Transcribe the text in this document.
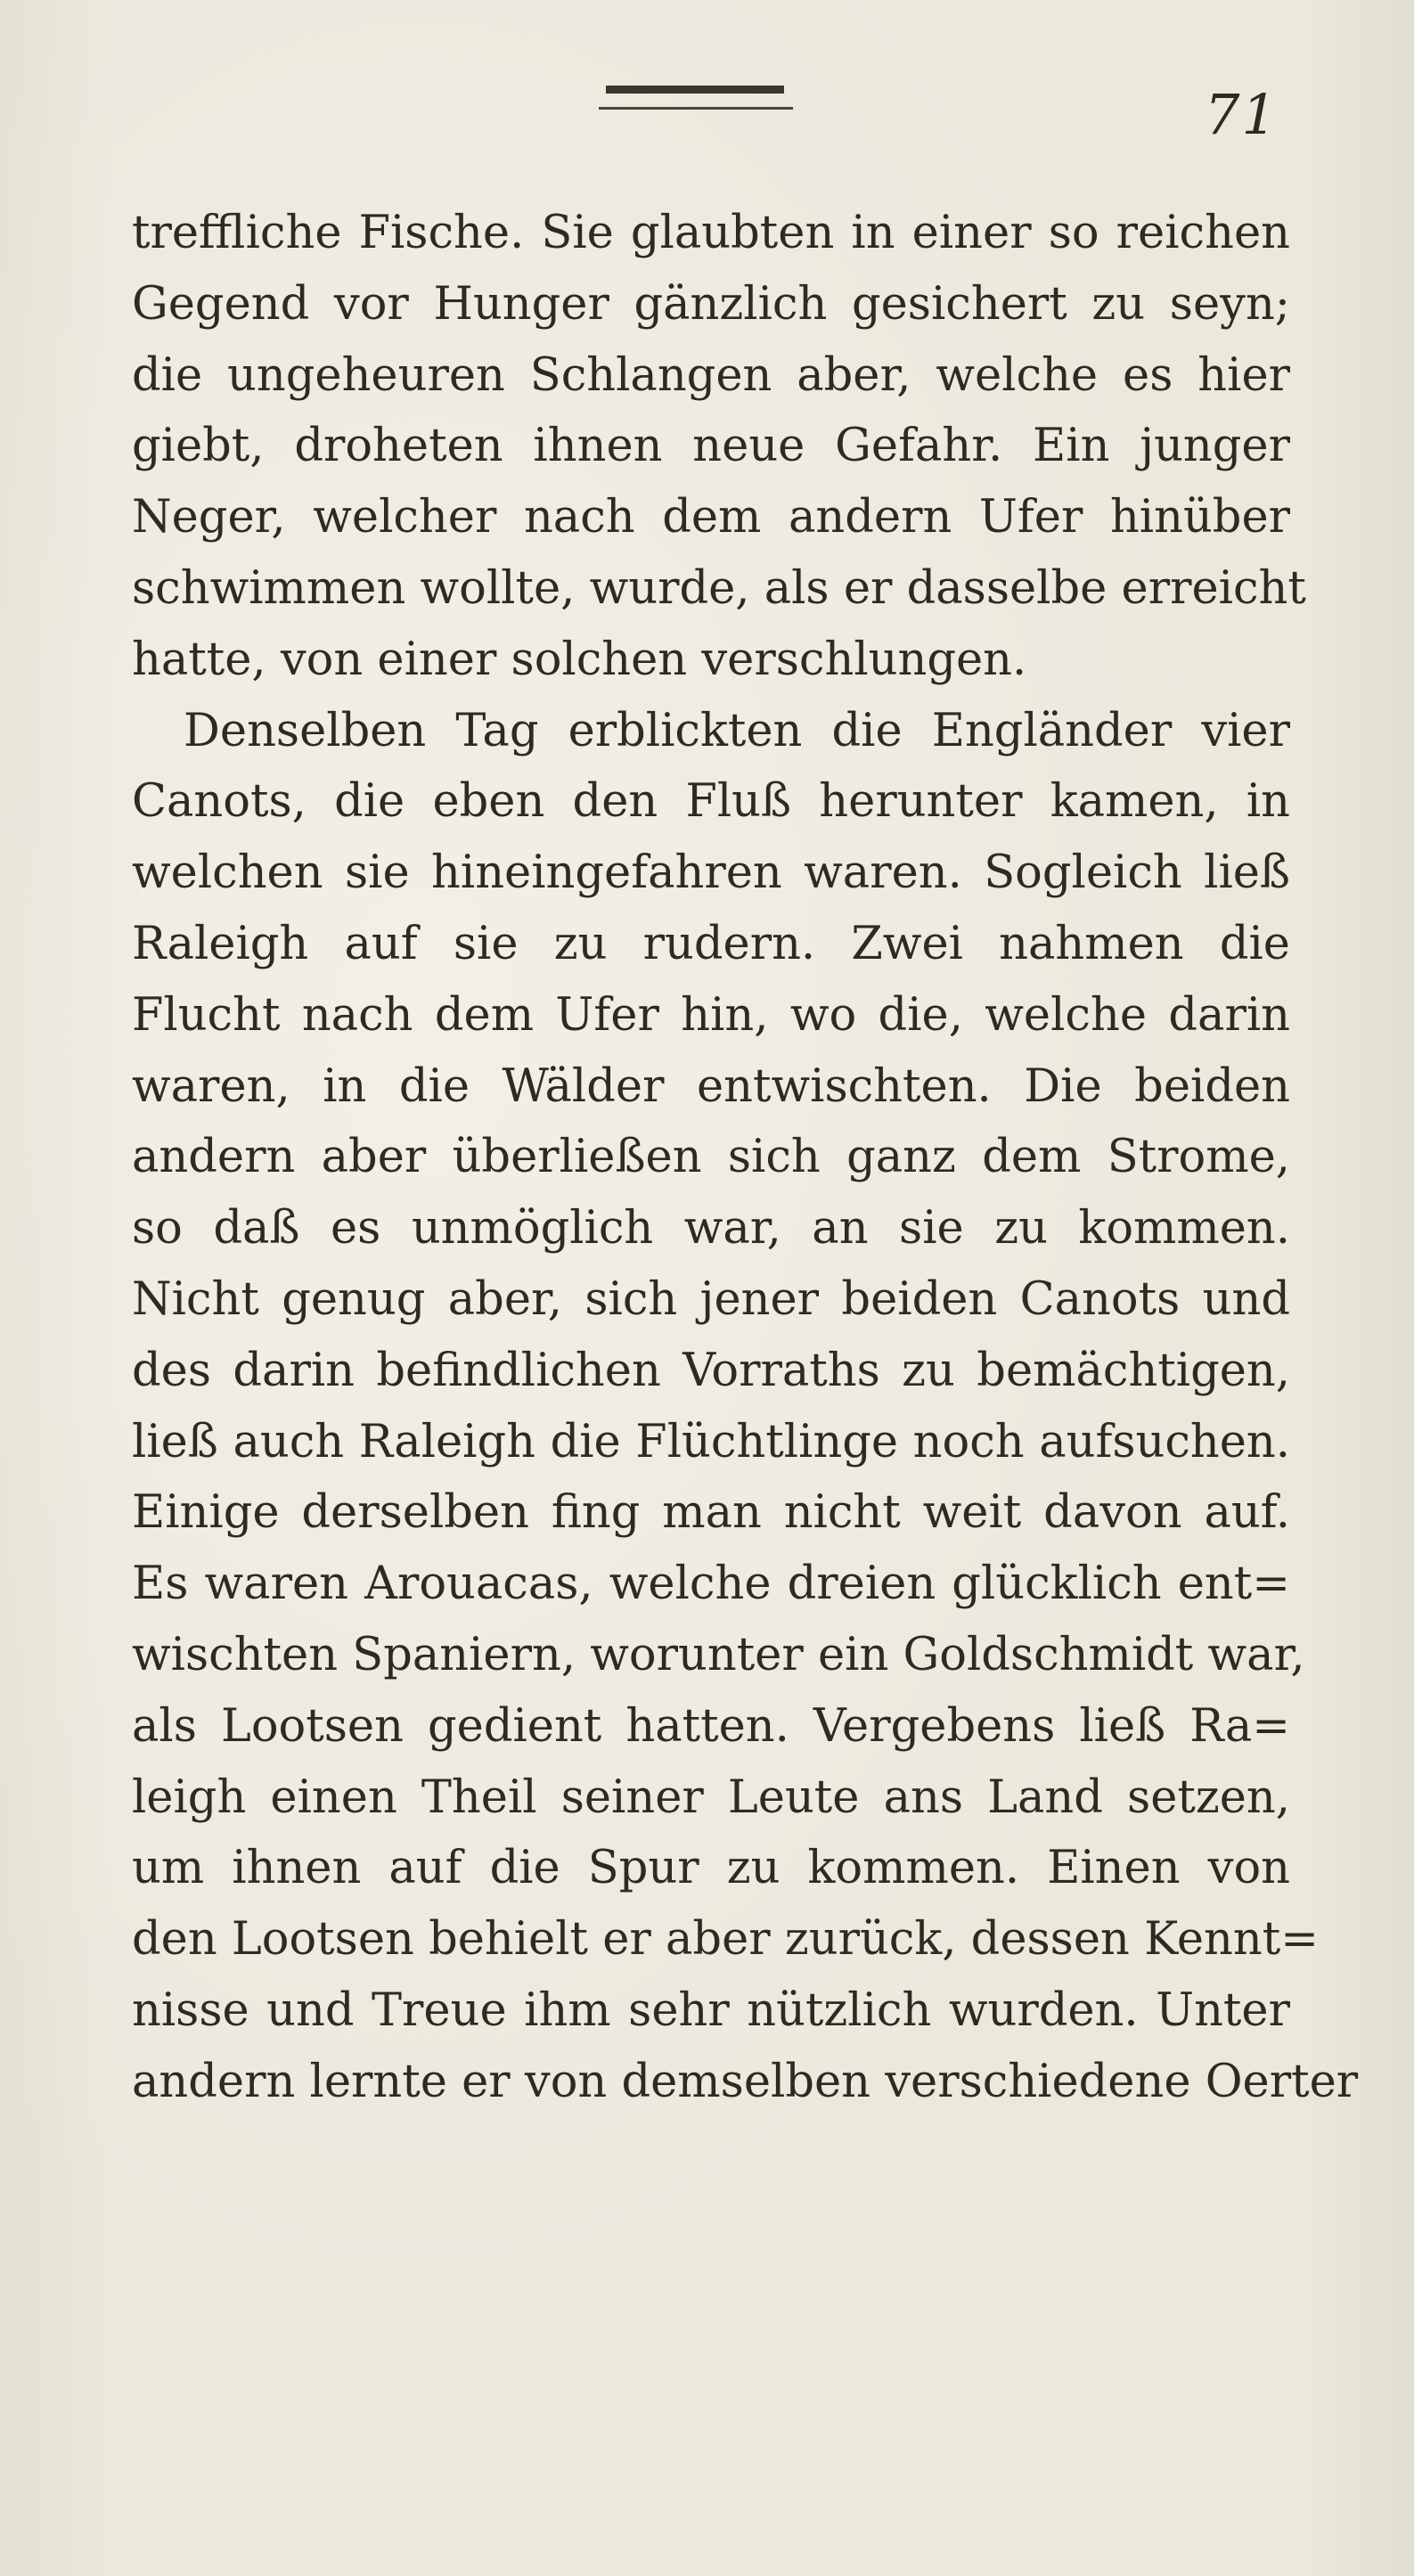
71
treffliche Fische. Sie glaubten in einer so reichen
Gegend vor Hunger gänzlich gesichert zu seyn;
die ungeheuren Schlangen aber, welche es hier
giebt, droheten ihnen neue Gefahr. Ein junger
Neger, welcher nach dem andern Ufer hinüber
schwimmen wollte, wurde, als er dasselbe erreicht
hatte, von einer solchen verschlungen.
Denselben Tag erblickten die Engländer vier
Canots, die eben den Fluß herunter kamen, in
welchen sie hineingefahren waren. Sogleich ließ
Raleigh auf sie zu rudern. Zwei nahmen die
Flucht nach dem Ufer hin, wo die, welche darin
waren, in die Wälder entwischten. Die beiden
andern aber überließen sich ganz dem Strome,
so daß es unmöglich war, an sie zu kommen.
Nicht genug aber, sich jener beiden Canots und
des darin befindlichen Vorraths zu bemächtigen,
ließ auch Raleigh die Flüchtlinge noch aufsuchen.
Einige derselben fing man nicht weit davon auf.
Es waren Arouacas, welche dreien glücklich ent=
wischten Spaniern, worunter ein Goldschmidt war,
als Lootsen gedient hatten. Vergebens ließ Ra=
leigh einen Theil seiner Leute ans Land setzen,
um ihnen auf die Spur zu kommen. Einen von
den Lootsen behielt er aber zurück, dessen Kennt=
nisse und Treue ihm sehr nützlich wurden. Unter
andern lernte er von demselben verschiedene Oerter
